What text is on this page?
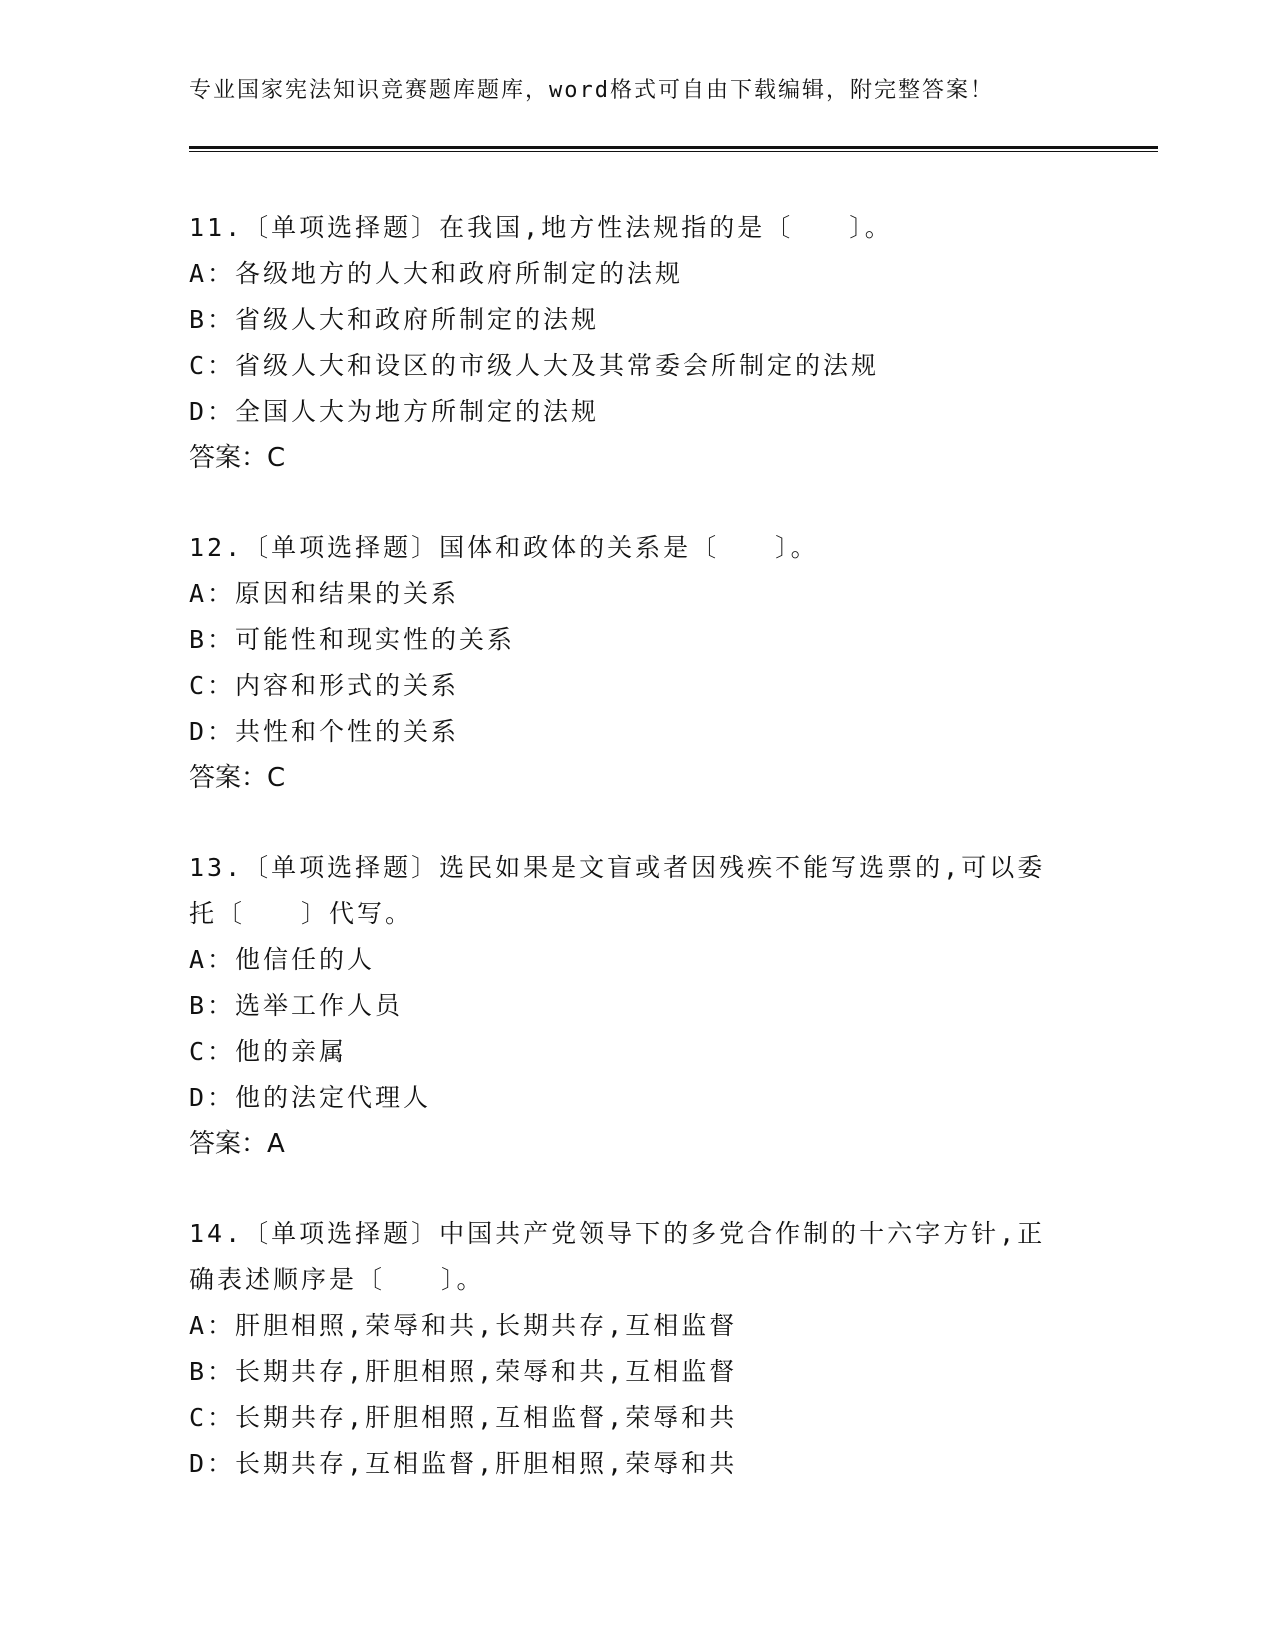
专业国家宪法知识竞赛题库题库，word格式可自由下载编辑，附完整答案！
11.〔单项选择题〕在我国,地方性法规指的是〔　　〕。
A：各级地方的人大和政府所制定的法规
B：省级人大和政府所制定的法规
C：省级人大和设区的市级人大及其常委会所制定的法规
D：全国人大为地方所制定的法规
答案：C
12.〔单项选择题〕国体和政体的关系是〔　　〕。
A：原因和结果的关系
B：可能性和现实性的关系
C：内容和形式的关系
D：共性和个性的关系
答案：C
13.〔单项选择题〕选民如果是文盲或者因残疾不能写选票的,可以委
托〔　　〕代写。
A：他信任的人
B：选举工作人员
C：他的亲属
D：他的法定代理人
答案：A
14.〔单项选择题〕中国共产党领导下的多党合作制的十六字方针,正
确表述顺序是〔　　〕。
A：肝胆相照,荣辱和共,长期共存,互相监督
B：长期共存,肝胆相照,荣辱和共,互相监督
C：长期共存,肝胆相照,互相监督,荣辱和共
D：长期共存,互相监督,肝胆相照,荣辱和共
